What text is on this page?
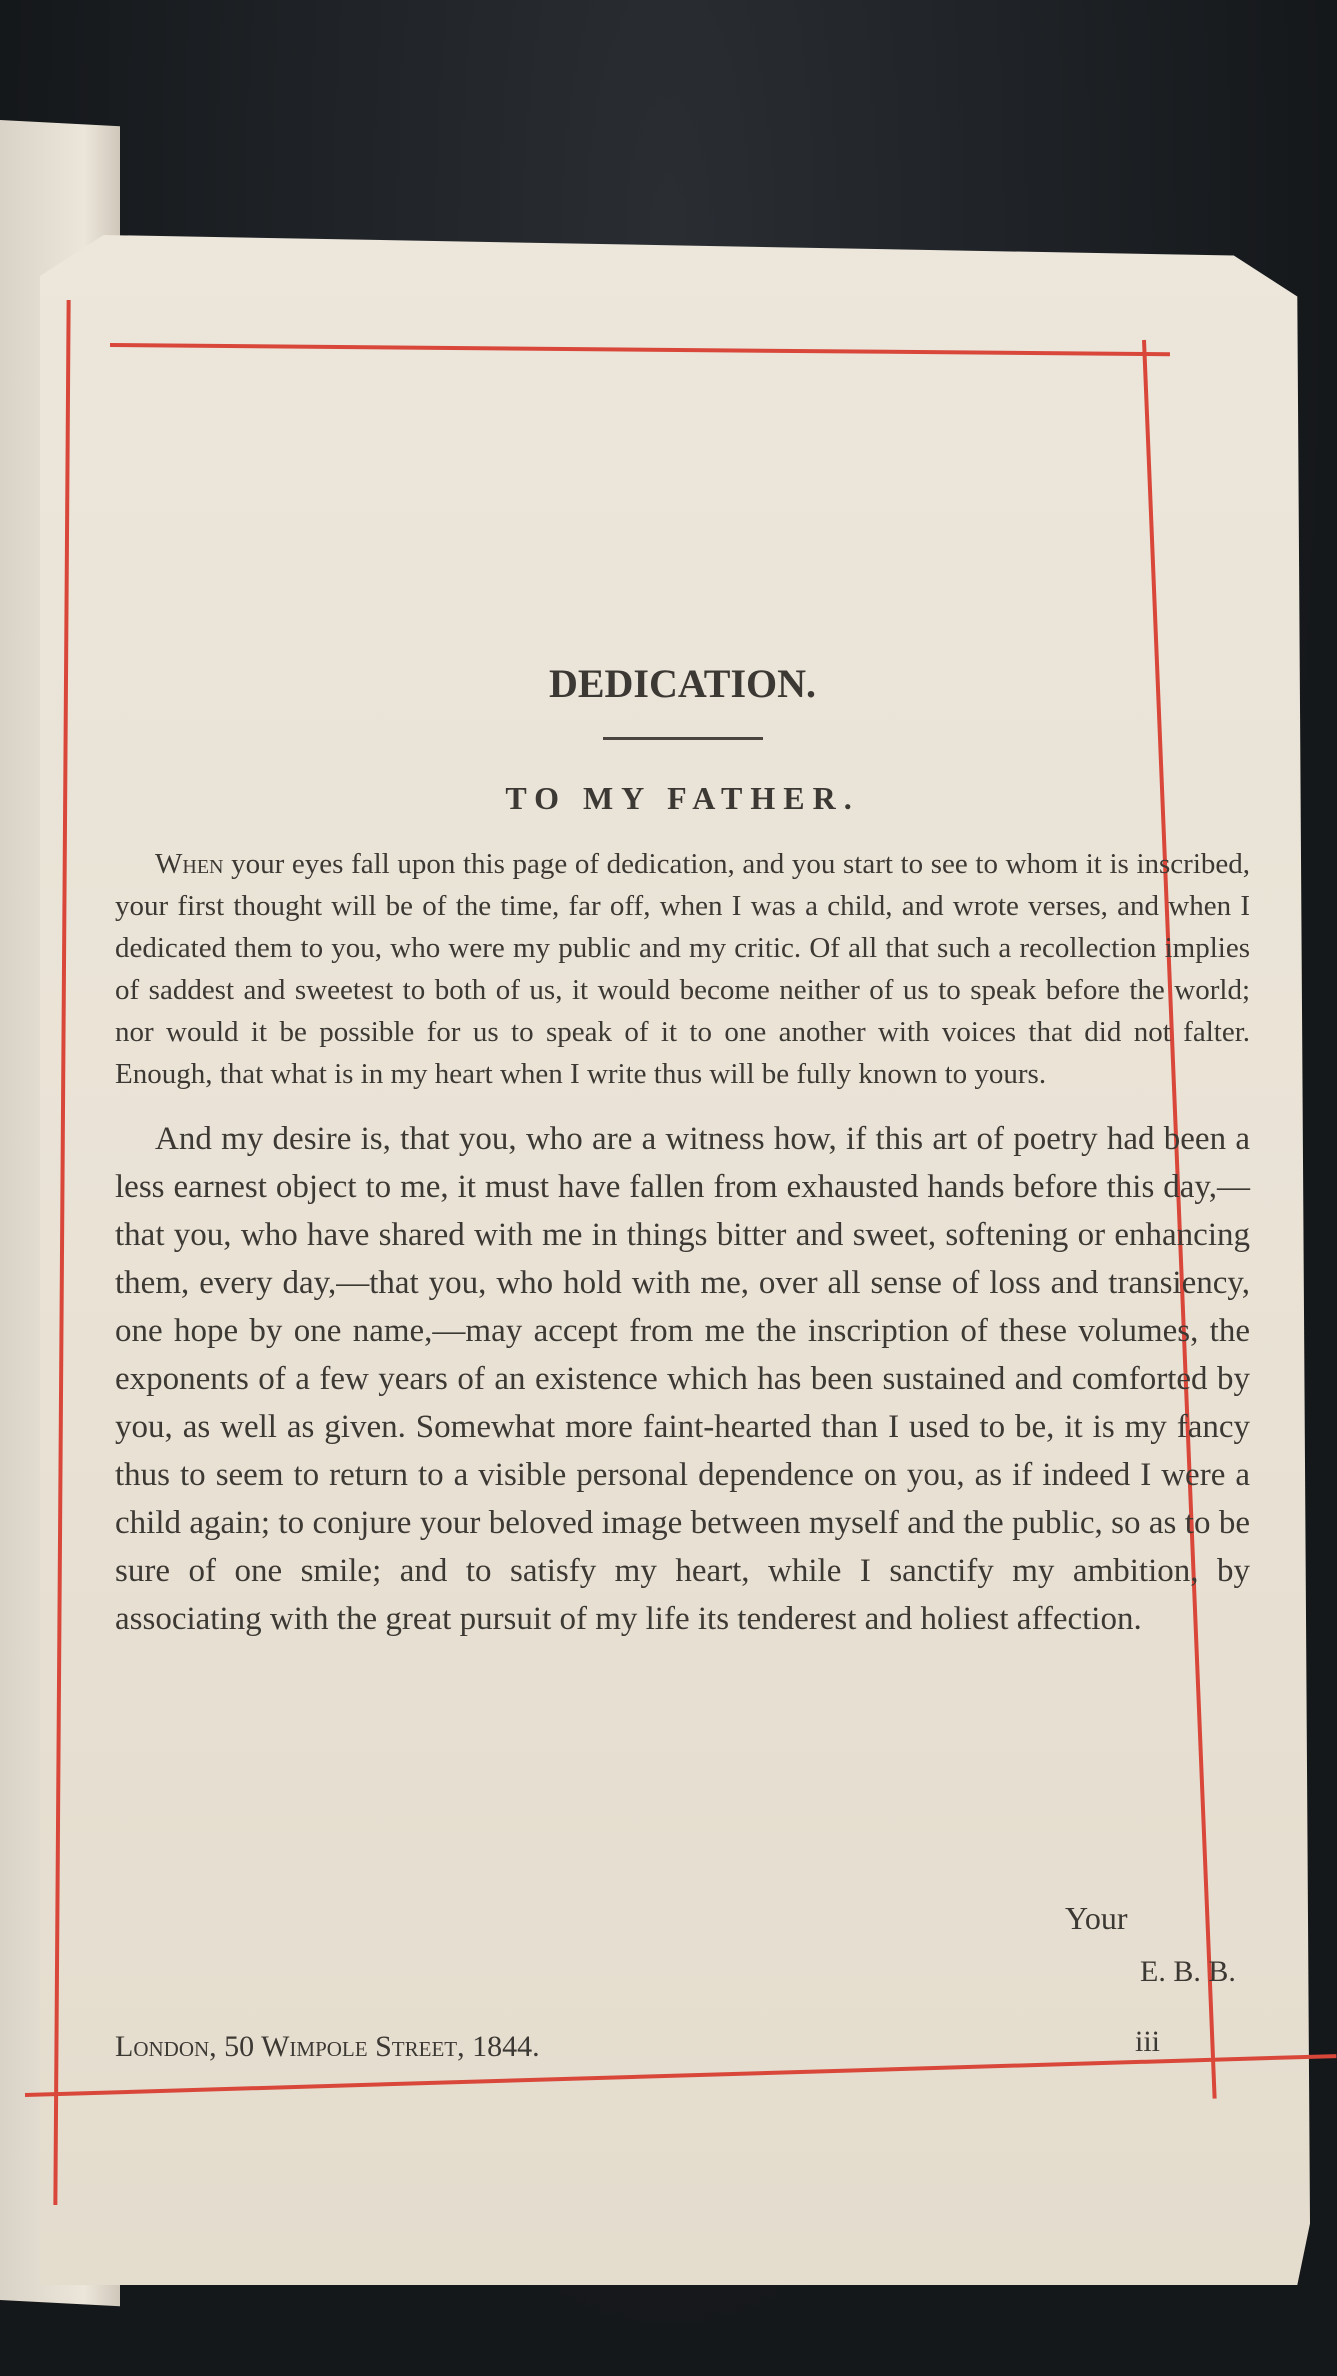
DEDICATION.
TO MY FATHER.

When your eyes fall upon this page of dedication, and you start to see to whom it is inscribed, your first thought will be of the time, far off, when I was a child, and wrote verses, and when I dedicated them to you, who were my public and my critic. Of all that such a recollection implies of saddest and sweetest to both of us, it would become neither of us to speak before the world; nor would it be possible for us to speak of it to one another with voices that did not falter. Enough, that what is in my heart when I write thus will be fully known to yours.

And my desire is, that you, who are a witness how, if this art of poetry had been a less earnest object to me, it must have fallen from exhausted hands before this day,—that you, who have shared with me in things bitter and sweet, softening or enhancing them, every day,—that you, who hold with me, over all sense of loss and transiency, one hope by one name,—may accept from me the inscription of these volumes, the exponents of a few years of an existence which has been sustained and comforted by you, as well as given. Somewhat more faint-hearted than I used to be, it is my fancy thus to seem to return to a visible personal dependence on you, as if indeed I were a child again; to conjure your beloved image between myself and the public, so as to be sure of one smile; and to satisfy my heart, while I sanctify my ambition, by associating with the great pursuit of my life its tenderest and holiest affection.

Your
E. B. B.
London, 50 Wimpole Street, 1844.	iii
